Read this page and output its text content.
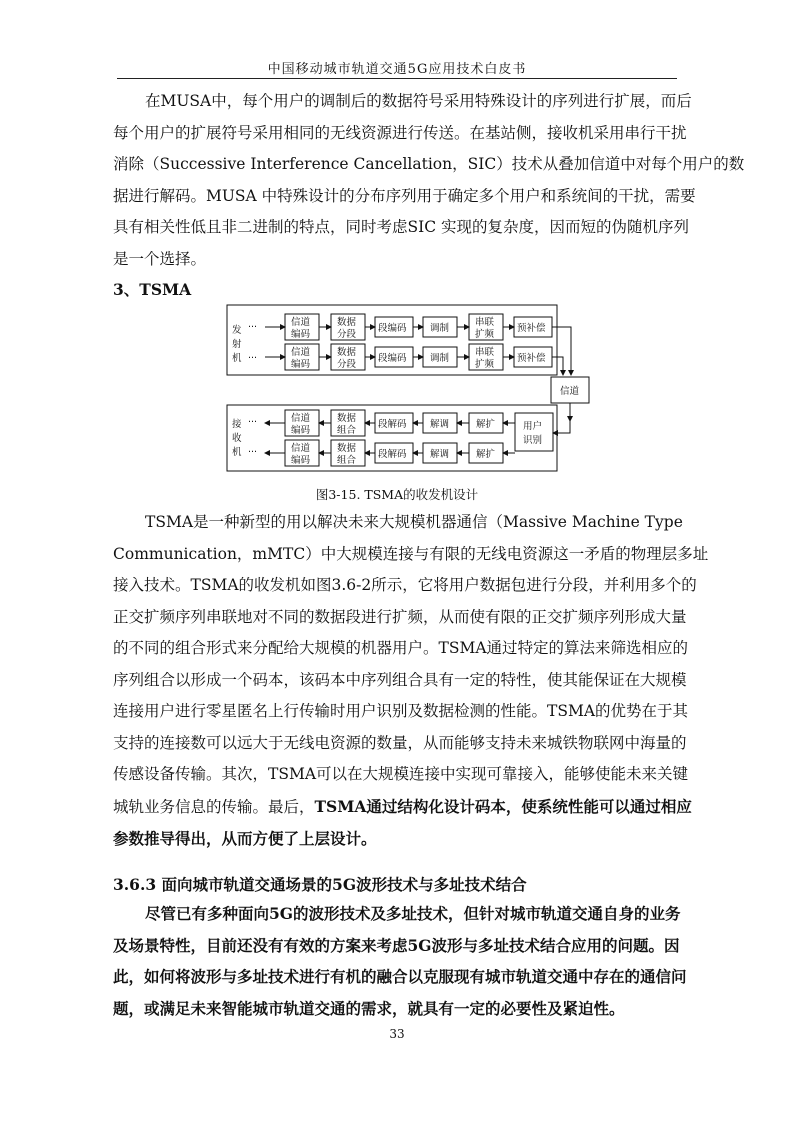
中国移动城市轨道交通5G应用技术白皮书

在MUSA中，每个用户的调制后的数据符号采用特殊设计的序列进行扩展，而后
每个用户的扩展符号采用相同的无线资源进行传送。在基站侧，接收机采用串行干扰
消除（Successive Interference Cancellation，SIC）技术从叠加信道中对每个用户的数
据进行解码。MUSA 中特殊设计的分布序列用于确定多个用户和系统间的干扰，需要
具有相关性低且非二进制的特点，同时考虑SIC 实现的复杂度，因而短的伪随机序列
是一个选择。

3、TSMA

发
射
机
···
···
信道
编码
数据
分段
段编码 调制
串联
扩频
预补偿
信道
编码
数据
分段
段编码 调制
串联
扩频
预补偿
信道
接
收
机
···
···
用户
识别
信道
编码
数据
组合
段解码 解调	解扩
信道
编码
数据
组合
段解码 解调	解扩
图3-15. TSMA的收发机设计

TSMA是一种新型的用以解决未来大规模机器通信（Massive Machine Type
Communication，mMTC）中大规模连接与有限的无线电资源这一矛盾的物理层多址
接入技术。TSMA的收发机如图3.6-2所示，它将用户数据包进行分段，并利用多个的
正交扩频序列串联地对不同的数据段进行扩频，从而使有限的正交扩频序列形成大量
的不同的组合形式来分配给大规模的机器用户。TSMA通过特定的算法来筛选相应的
序列组合以形成一个码本，该码本中序列组合具有一定的特性，使其能保证在大规模
连接用户进行零星匿名上行传输时用户识别及数据检测的性能。TSMA的优势在于其
支持的连接数可以远大于无线电资源的数量，从而能够支持未来城铁物联网中海量的
传感设备传输。其次，TSMA可以在大规模连接中实现可靠接入，能够使能未来关键
城轨业务信息的传输。最后，TSMA通过结构化设计码本，使系统性能可以通过相应
参数推导得出，从而方便了上层设计。

3.6.3 面向城市轨道交通场景的5G波形技术与多址技术结合

尽管已有多种面向5G的波形技术及多址技术，但针对城市轨道交通自身的业务
及场景特性，目前还没有有效的方案来考虑5G波形与多址技术结合应用的问题。因
此，如何将波形与多址技术进行有机的融合以克服现有城市轨道交通中存在的通信问
题，或满足未来智能城市轨道交通的需求，就具有一定的必要性及紧迫性。

33
